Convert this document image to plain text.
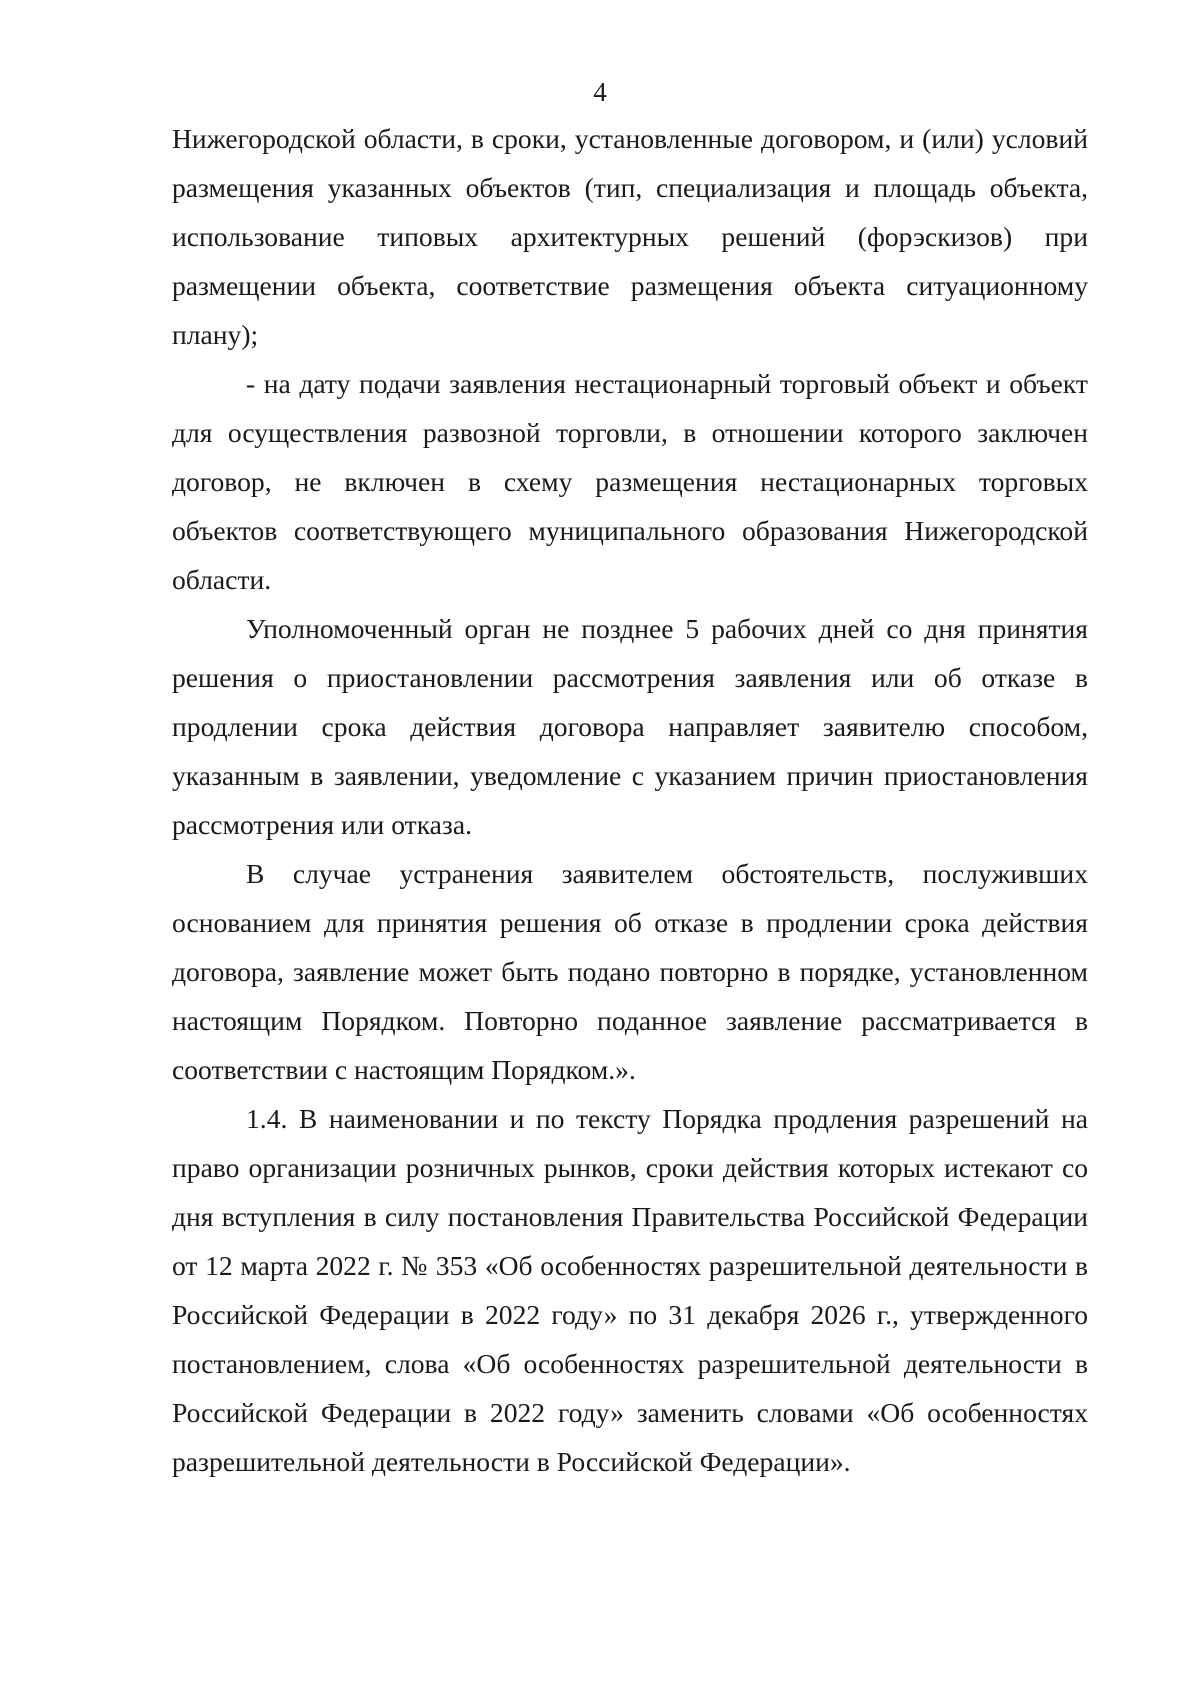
4

Нижегородской области, в сроки, установленные договором, и (или) условий размещения указанных объектов (тип, специализация и площадь объекта, использование типовых архитектурных решений (форэскизов) при размещении объекта, соответствие размещения объекта ситуационному плану);

- на дату подачи заявления нестационарный торговый объект и объект для осуществления развозной торговли, в отношении которого заключен договор, не включен в схему размещения нестационарных торговых объектов соответствующего муниципального образования Нижегородской области.

Уполномоченный орган не позднее 5 рабочих дней со дня принятия решения о приостановлении рассмотрения заявления или об отказе в продлении срока действия договора направляет заявителю способом, указанным в заявлении, уведомление с указанием причин приостановления рассмотрения или отказа.

В случае устранения заявителем обстоятельств, послуживших основанием для принятия решения об отказе в продлении срока действия договора, заявление может быть подано повторно в порядке, установленном настоящим Порядком. Повторно поданное заявление рассматривается в соответствии с настоящим Порядком.».

1.4. В наименовании и по тексту Порядка продления разрешений на право организации розничных рынков, сроки действия которых истекают со дня вступления в силу постановления Правительства Российской Федерации от 12 марта 2022 г. № 353 «Об особенностях разрешительной деятельности в Российской Федерации в 2022 году» по 31 декабря 2026 г., утвержденного постановлением, слова «Об особенностях разрешительной деятельности в Российской Федерации в 2022 году» заменить словами «Об особенностях разрешительной деятельности в Российской Федерации».
